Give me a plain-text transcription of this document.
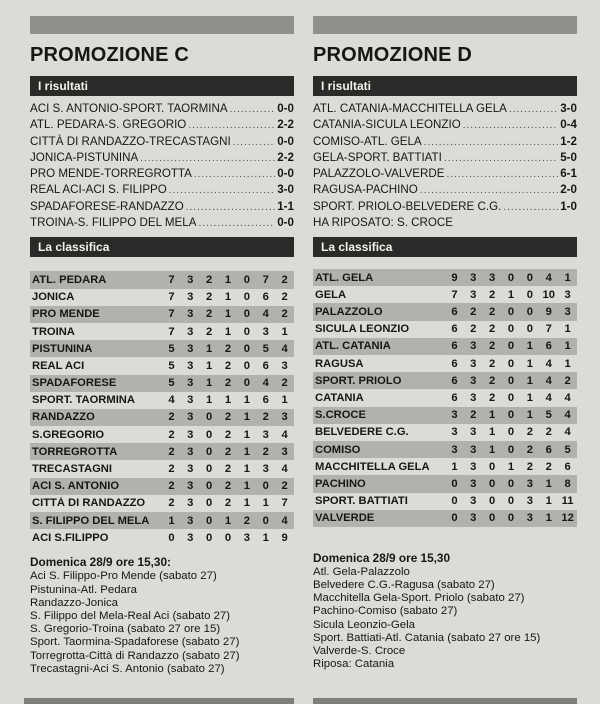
PROMOZIONE C
I risultati
ACI S. ANTONIO-SPORT. TAORMINA .....	0-0
ATL. PEDARA-S. GREGORIO .....	2-2
CITTÀ DI RANDAZZO-TRECASTAGNI .....	0-0
JONICA-PISTUNINA .....	2-2
PRO MENDE-TORREGROTTA .....	0-0
REAL ACI-ACI S. FILIPPO .....	3-0
SPADAFORESE-RANDAZZO .....	1-1
TROINA-S. FILIPPO DEL MELA .....	0-0
La classifica
ATL. PEDARA	7	3	2	1	0	7	2
JONICA	7	3	2	1	0	6	2
PRO MENDE	7	3	2	1	0	4	2
TROINA	7	3	2	1	0	3	1
PISTUNINA	5	3	1	2	0	5	4
REAL ACI	5	3	1	2	0	6	3
SPADAFORESE	5	3	1	2	0	4	2
SPORT. TAORMINA	4	3	1	1	1	6	1
RANDAZZO	2	3	0	2	1	2	3
S.GREGORIO	2	3	0	2	1	3	4
TORREGROTTA	2	3	0	2	1	2	3
TRECASTAGNI	2	3	0	2	1	3	4
ACI S. ANTONIO	2	3	0	2	1	0	2
CITTÀ DI RANDAZZO	2	3	0	2	1	1	7
S. FILIPPO DEL MELA	1	3	0	1	2	0	4
ACI S.FILIPPO	0	3	0	0	3	1	9
Domenica 28/9 ore 15,30:
Aci S. Filippo-Pro Mende (sabato 27)
Pistunina-Atl. Pedara
Randazzo-Jonica
S. Filippo del Mela-Real Aci (sabato 27)
S. Gregorio-Troina (sabato 27 ore 15)
Sport. Taormina-Spadaforese (sabato 27)
Torregrotta-Città di Randazzo (sabato 27)
Trecastagni-Aci S. Antonio (sabato 27)
PROMOZIONE D
I risultati
ATL. CATANIA-MACCHITELLA GELA .....	3-0
CATANIA-SICULA LEONZIO .....	0-4
COMISO-ATL. GELA .....	1-2
GELA-SPORT. BATTIATI .....	5-0
PALAZZOLO-VALVERDE .....	6-1
RAGUSA-PACHINO .....	2-0
SPORT. PRIOLO-BELVEDERE C.G. .....	1-0
HA RIPOSATO: S. CROCE
La classifica
ATL. GELA	9	3	3	0	0	4	1
GELA	7	3	2	1	0 10 3
PALAZZOLO	6	2	2	0	0	9	3
SICULA LEONZIO	6	2	2	0	0	7	1
ATL. CATANIA	6	3	2	0	1	6	1
RAGUSA	6	3	2	0	1	4	1
SPORT. PRIOLO	6	3	2	0	1	4	2
CATANIA	6	3	2	0	1	4	4
S.CROCE	3	2	1	0	1	5	4
BELVEDERE C.G.	3	3	1	0	2	2	4
COMISO	3	3	1	0	2	6	5
MACCHITELLA GELA	1	3	0	1	2	2	6
PACHINO	0	3	0	0	3	1	8
SPORT. BATTIATI	0	3	0	0	3	1 11
VALVERDE	0	3	0	0	3	1 12
Domenica 28/9 ore 15,30
Atl. Gela-Palazzolo
Belvedere C.G.-Ragusa (sabato 27)
Macchitella Gela-Sport. Priolo (sabato 27)
Pachino-Comiso (sabato 27)
Sicula Leonzio-Gela
Sport. Battiati-Atl. Catania (sabato 27 ore 15)
Valverde-S. Croce
Riposa: Catania
